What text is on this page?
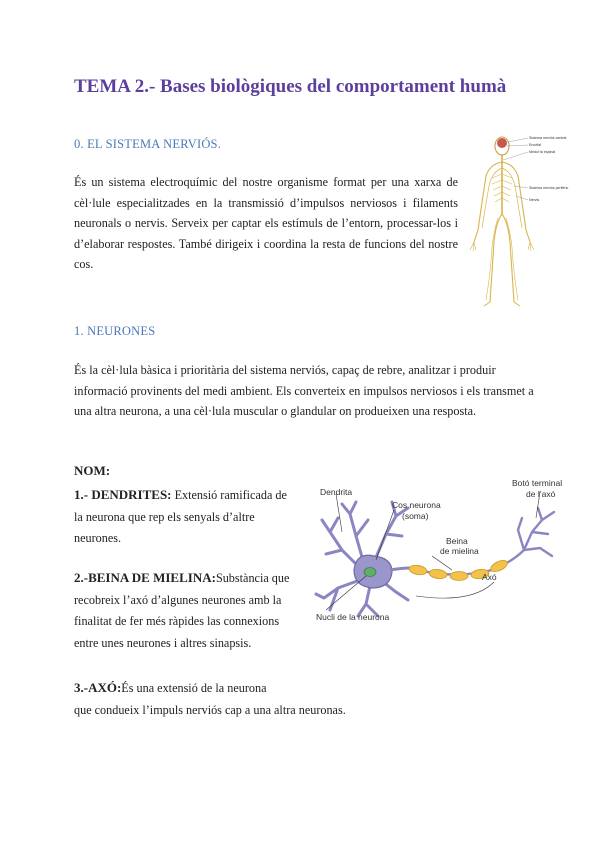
TEMA 2.- Bases biològiques del comportament humà
0. EL SISTEMA NERVIÓS.
És un sistema electroquímic del nostre organisme format per una xarxa de cèl·lule especialitzades en la transmissió d’impulsos nerviosos i filaments neuronals o nervis. Serveix per captar els estímuls de l’entorn, processar-los i d’elaborar respostes. També dirigeix i coordina la resta de funcions del nostre cos.
Sistema nerviós central
Encèfal
Medul·la espinal
Sistema nerviós perifèric
Nervis
1. NEURONES
És la cèl·lula bàsica i prioritària del sistema nerviós, capaç de rebre, analitzar i produir informació provinents del medi ambient. Els converteix en impulsos nerviosos i els transmet a una altra neurona, a una cèl·lula muscular o glandular on produeixen una resposta.
NOM:
1.- DENDRITES: Extensió ramificada de
la neurona que rep els senyals d’altre
neurones.
2.-BEINA DE MIELINA:Substància que
recobreix l’axó d’algunes neurones amb la
finalitat de fer més ràpides las connexions
entre unes neurones i altres sinapsis.
3.-AXÓ:És una extensió de la neurona
que condueix l’impuls nerviós cap a una altra neuronas.
Dendrita
Cos neurona
(soma)
Beina
de mielina
Axó
Nucli de la neurona
Botó terminal
de l’axó
